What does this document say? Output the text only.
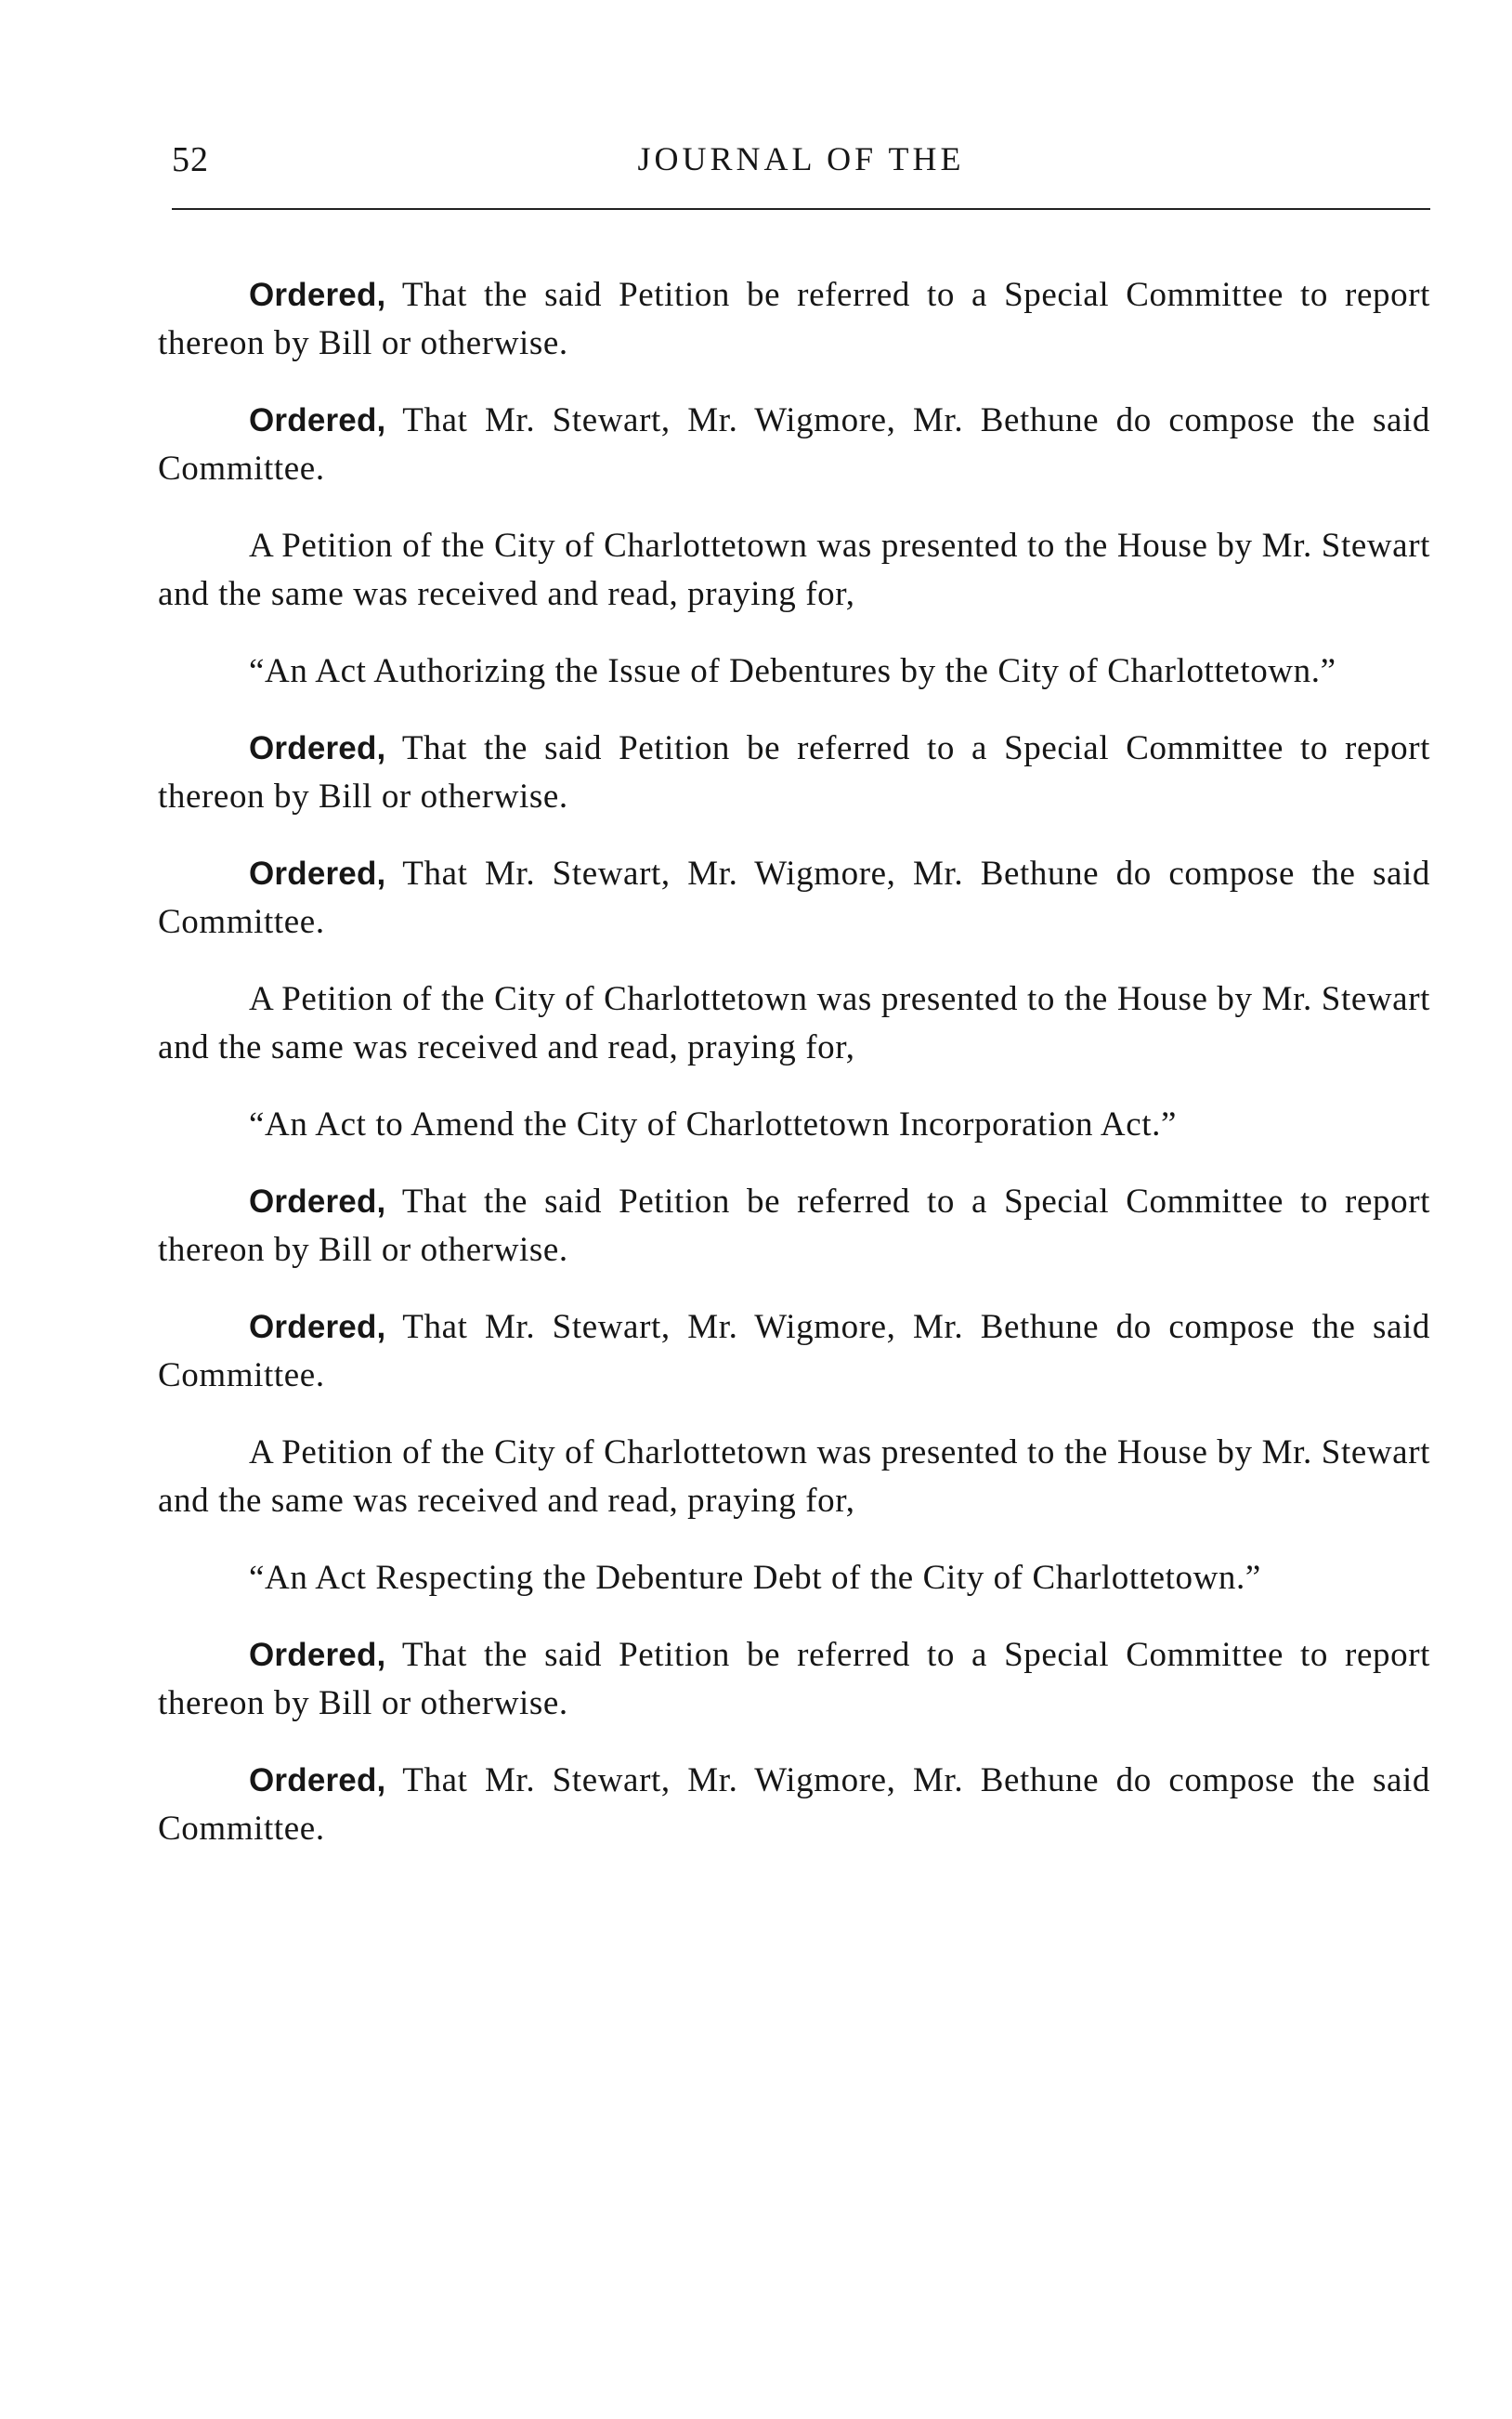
52	JOURNAL OF THE

Ordered, That the said Petition be referred to a Special Committee to report thereon by Bill or otherwise.

Ordered, That Mr. Stewart, Mr. Wigmore, Mr. Bethune do compose the said Committee.

A Petition of the City of Charlottetown was presented to the House by Mr. Stewart and the same was received and read, praying for,

“An Act Authorizing the Issue of Debentures by the City of Charlottetown.”

Ordered, That the said Petition be referred to a Special Committee to report thereon by Bill or otherwise.

Ordered, That Mr. Stewart, Mr. Wigmore, Mr. Bethune do compose the said Committee.

A Petition of the City of Charlottetown was presented to the House by Mr. Stewart and the same was received and read, praying for,

“An Act to Amend the City of Charlottetown Incorporation Act.”

Ordered, That the said Petition be referred to a Special Committee to report thereon by Bill or otherwise.

Ordered, That Mr. Stewart, Mr. Wigmore, Mr. Bethune do compose the said Committee.

A Petition of the City of Charlottetown was presented to the House by Mr. Stewart and the same was received and read, praying for,

“An Act Respecting the Debenture Debt of the City of Charlottetown.”

Ordered, That the said Petition be referred to a Special Committee to report thereon by Bill or otherwise.

Ordered, That Mr. Stewart, Mr. Wigmore, Mr. Bethune do compose the said Committee.
